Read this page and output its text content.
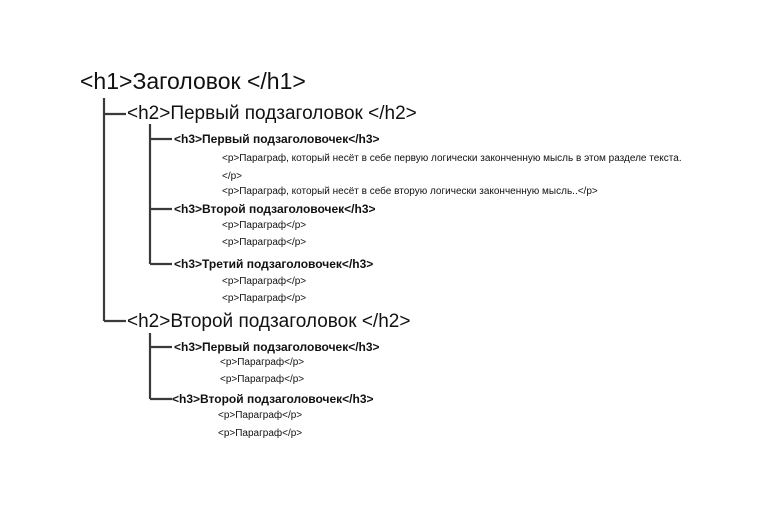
<h1>Заголовок </h1>
<h2>Первый подзаголовок </h2>
<h3>Первый подзаголовочек</h3>
<p>Параграф, который несёт в себе первую логически законченную мысль в этом разделе текста.</p>
<p>Параграф, который несёт в себе вторую логически законченную мысль..</p>
<h3>Второй подзаголовочек</h3>
<p>Параграф</p>
<p>Параграф</p>
<h3>Третий подзаголовочек</h3>
<p>Параграф</p>
<p>Параграф</p>
<h2>Второй подзаголовок </h2>
<h3>Первый подзаголовочек</h3>
<p>Параграф</p>
<p>Параграф</p>
<h3>Второй подзаголовочек</h3>
<p>Параграф</p>
<p>Параграф</p>
